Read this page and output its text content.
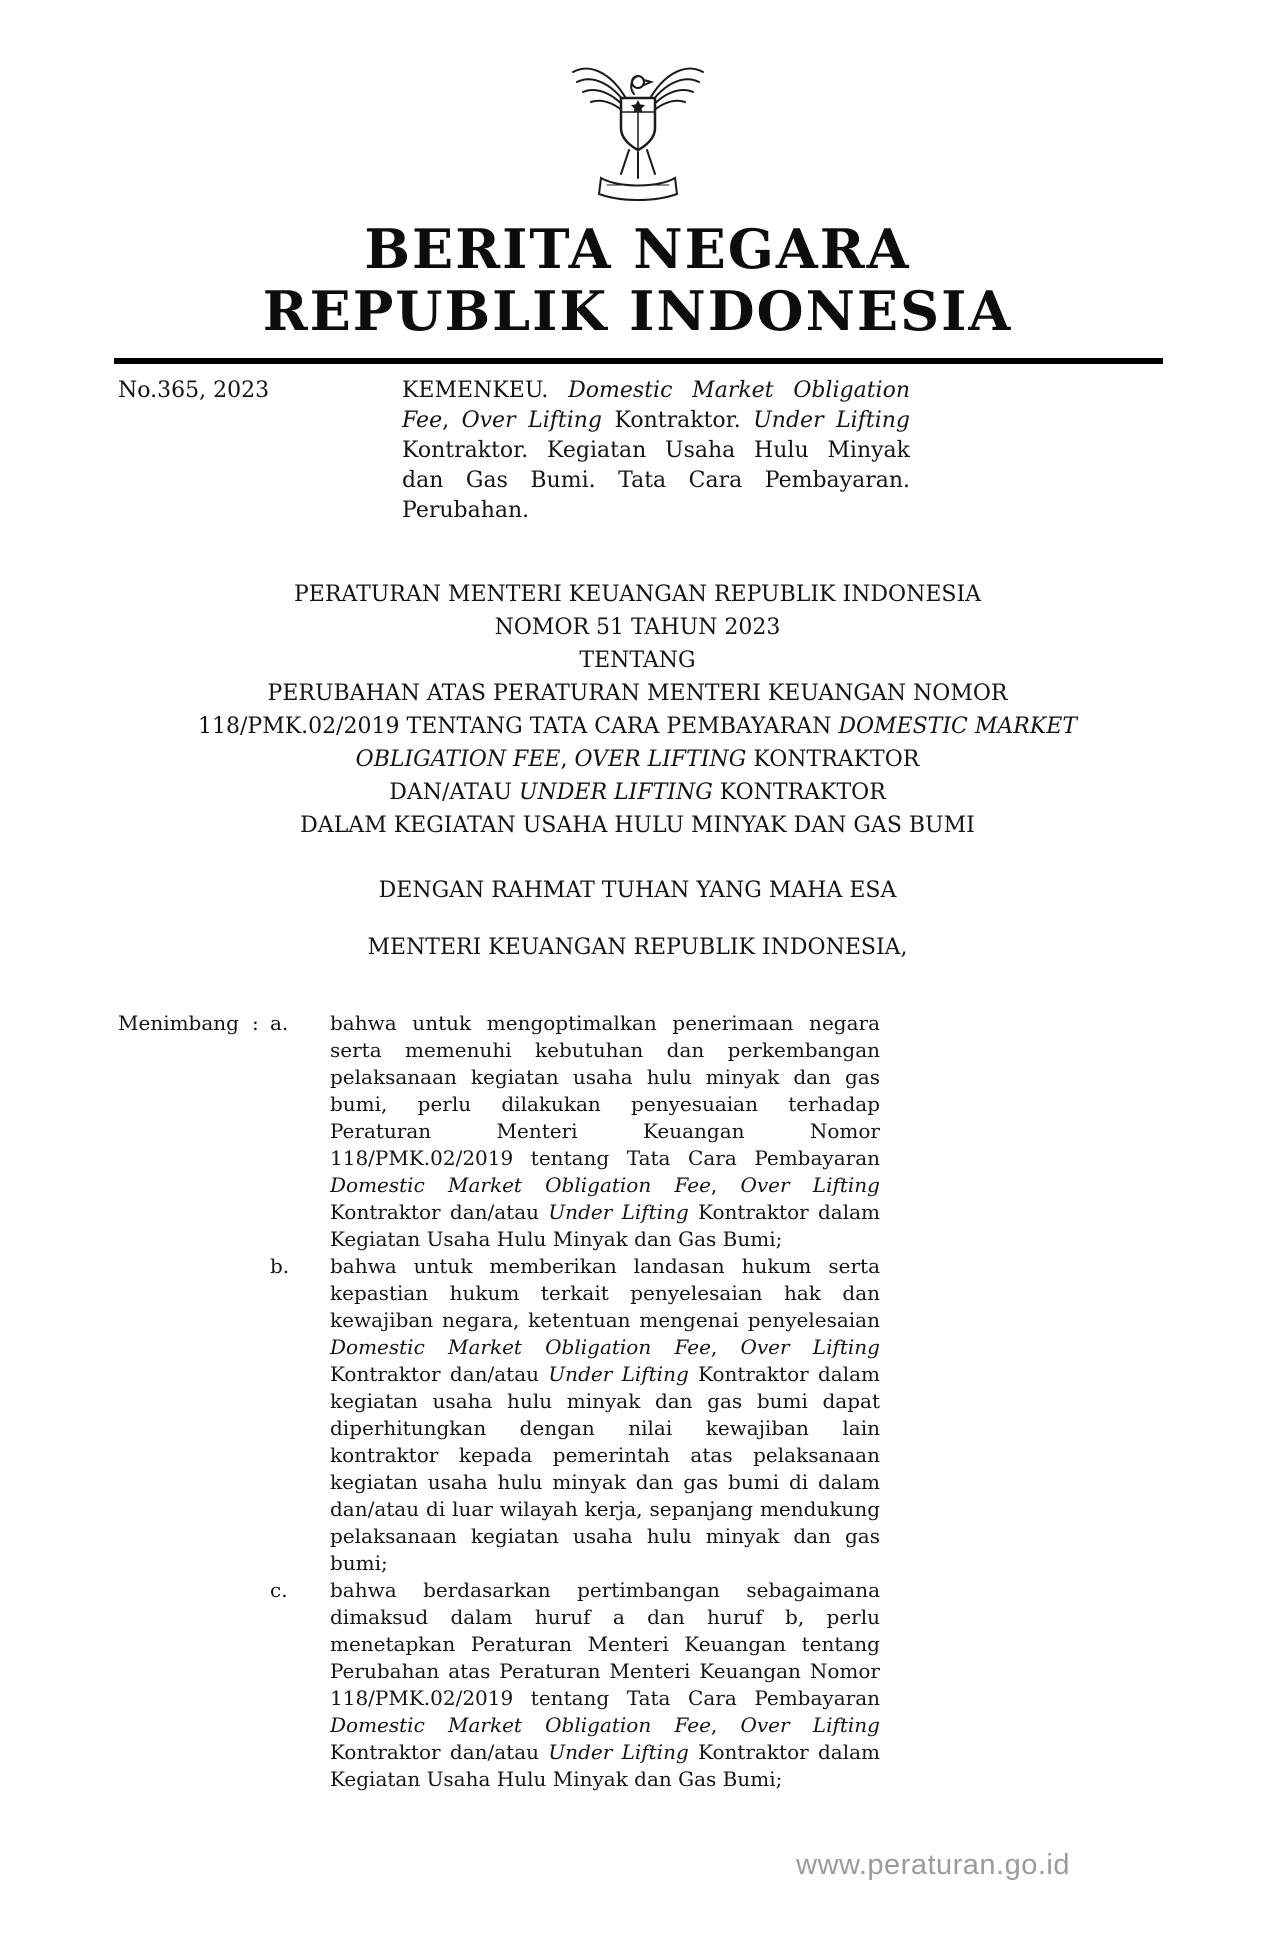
BERITA NEGARA
REPUBLIK INDONESIA
No.365, 2023	KEMENKEU. Domestic Market Obligation Fee, Over Lifting Kontraktor. Under Lifting Kontraktor. Kegiatan Usaha Hulu Minyak dan Gas Bumi. Tata Cara Pembayaran. Perubahan.
PERATURAN MENTERI KEUANGAN REPUBLIK INDONESIA
NOMOR 51 TAHUN 2023
TENTANG
PERUBAHAN ATAS PERATURAN MENTERI KEUANGAN NOMOR
118/PMK.02/2019 TENTANG TATA CARA PEMBAYARAN DOMESTIC MARKET
OBLIGATION FEE, OVER LIFTING KONTRAKTOR
DAN/ATAU UNDER LIFTING KONTRAKTOR
DALAM KEGIATAN USAHA HULU MINYAK DAN GAS BUMI
DENGAN RAHMAT TUHAN YANG MAHA ESA
MENTERI KEUANGAN REPUBLIK INDONESIA,
Menimbang : a.	bahwa untuk mengoptimalkan penerimaan negara serta memenuhi kebutuhan dan perkembangan pelaksanaan kegiatan usaha hulu minyak dan gas bumi, perlu dilakukan penyesuaian terhadap Peraturan Menteri Keuangan Nomor 118/PMK.02/2019 tentang Tata Cara Pembayaran Domestic Market Obligation Fee, Over Lifting Kontraktor dan/atau Under Lifting Kontraktor dalam Kegiatan Usaha Hulu Minyak dan Gas Bumi;
b.	bahwa untuk memberikan landasan hukum serta kepastian hukum terkait penyelesaian hak dan kewajiban negara, ketentuan mengenai penyelesaian Domestic Market Obligation Fee, Over Lifting Kontraktor dan/atau Under Lifting Kontraktor dalam kegiatan usaha hulu minyak dan gas bumi dapat diperhitungkan dengan nilai kewajiban lain kontraktor kepada pemerintah atas pelaksanaan kegiatan usaha hulu minyak dan gas bumi di dalam dan/atau di luar wilayah kerja, sepanjang mendukung pelaksanaan kegiatan usaha hulu minyak dan gas bumi;
c.	bahwa berdasarkan pertimbangan sebagaimana dimaksud dalam huruf a dan huruf b, perlu menetapkan Peraturan Menteri Keuangan tentang Perubahan atas Peraturan Menteri Keuangan Nomor 118/PMK.02/2019 tentang Tata Cara Pembayaran Domestic Market Obligation Fee, Over Lifting Kontraktor dan/atau Under Lifting Kontraktor dalam Kegiatan Usaha Hulu Minyak dan Gas Bumi;
www.peraturan.go.id
